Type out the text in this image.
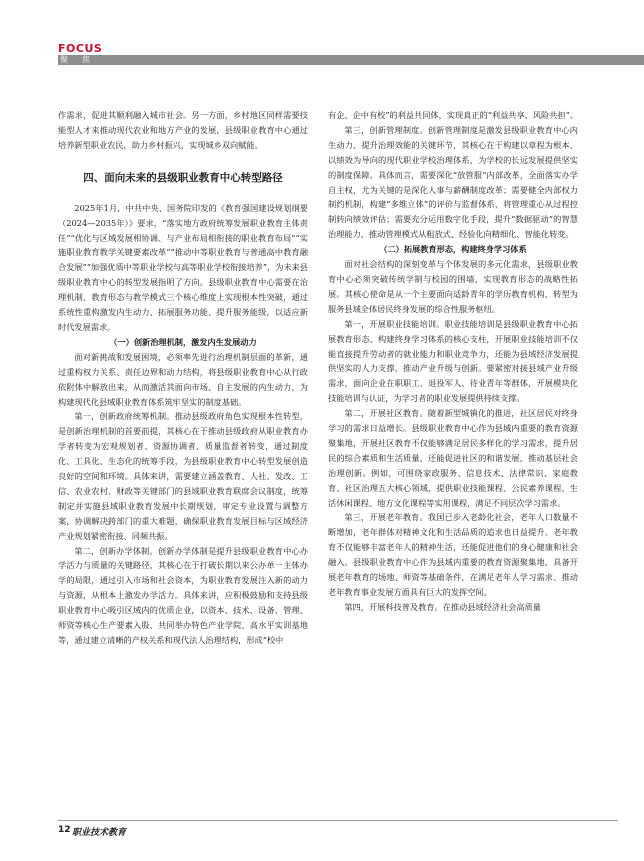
FOCUS
聚焦

作需求，促进其顺利融入城市社会。另一方面，乡村地区同样需要技能型人才来推动现代农业和地方产业的发展，县级职业教育中心通过培养新型职业农民，助力乡村振兴，实现城乡双向赋能。

四、面向未来的县级职业教育中心转型路径

2025年1月，中共中央、国务院印发的《教育强国建设规划纲要（2024—2035年）》要求，“落实地方政府统筹发展职业教育主体责任”“优化与区域发展相协调、与产业布局相衔接的职业教育布局”“实施职业教育教学关键要素改革”“推动中等职业教育与普通高中教育融合发展”“加强优质中等职业学校与高等职业学校衔接培养”，为未来县级职业教育中心的转型发展指明了方向。县级职业教育中心需要在治理机制、教育形态与教学模式三个核心维度上实现根本性突破，通过系统性重构激发内生动力、拓展服务功能、提升服务能级，以适应新时代发展需求。

（一）创新治理机制，激发内生发展动力

面对新挑战和发展困境，必须率先进行治理机制层面的革新，通过重构权力关系、责任边界和动力结构，将县级职业教育中心从行政依附体中解放出来，从而激活其面向市场、自主发展的内生动力，为构建现代化县域职业教育体系筑牢坚实的制度基础。

第一，创新政府统筹机制。推动县级政府角色实现根本性转型，是创新治理机制的首要前提，其核心在于推动县级政府从职业教育办学者转变为宏观规划者、资源协调者、质量监督者转变，通过制度化、工具化、生态化的统筹手段，为县级职业教育中心转型发展创造良好的空间和环境。具体来讲，需要建立涵盖教育、人社、发改、工信、农业农村、财政等关键部门的县域职业教育联席会议制度，统筹制定并实施县域职业教育发展中长期规划，审定专业设置与调整方案，协调解决跨部门的重大难题，确保职业教育发展目标与区域经济产业规划紧密衔接、同频共振。

第二，创新办学体制。创新办学体制是提升县级职业教育中心办学活力与质量的关键路径，其核心在于打破长期以来公办单一主体办学的局限，通过引入市场和社会资本，为职业教育发展注入新的动力与资源，从根本上激发办学活力。具体来讲，应积极鼓励和支持县级职业教育中心吸引区域内的优质企业，以资本、技术、设备、管理、师资等核心生产要素入股，共同举办特色产业学院、高水平实训基地等，通过建立清晰的产权关系和现代法人治理结构，形成“校中

有企、企中有校”的利益共同体，实现真正的“利益共享、风险共担”。

第三，创新管理制度。创新管理制度是激发县级职业教育中心内生动力、提升治理效能的关键环节，其核心在于构建以章程为根本、以绩效为导向的现代职业学校治理体系，为学校的长远发展提供坚实的制度保障。具体而言，需要深化“放管服”内部改革，全面落实办学自主权，尤为关键的是深化人事与薪酬制度改革；需要健全内部权力制约机制，构建“多维立体”的评价与监督体系，将管理重心从过程控制转向绩效评估；需要充分运用数字化手段，提升“数据驱动”的智慧治理能力，推动管理模式从粗放式、经验化向精细化、智能化转变。

（二）拓展教育形态，构建终身学习体系

面对社会结构的深刻变革与个体发展的多元化需求，县级职业教育中心必须突破传统学制与校园的围墙，实现教育形态的战略性拓展。其核心使命是从一个主要面向适龄青年的学历教育机构，转型为服务县域全体居民终身发展的综合性服务枢纽。

第一，开展职业技能培训。职业技能培训是县级职业教育中心拓展教育形态、构建终身学习体系的核心支柱，开展职业技能培训不仅能直接提升劳动者的就业能力和职业竞争力，还能为县域经济发展提供坚实的人力支撑，推动产业升级与创新。要紧密对接县域产业升级需求，面向企业在职职工、退役军人、待业青年等群体，开展模块化技能培训与认证，为学习者的职业发展提供持续支撑。

第二，开展社区教育。随着新型城镇化的推进，社区居民对终身学习的需求日益增长。县级职业教育中心作为县域内重要的教育资源聚集地，开展社区教育不仅能够满足居民多样化的学习需求，提升居民的综合素质和生活质量，还能促进社区的和谐发展，推动基层社会治理创新。例如，可围绕家政服务、信息技术、法律常识、家庭教育、社区治理五大核心领域，提供职业技能课程、公民素养课程、生活休闲课程、地方文化课程等实用课程，满足不同层次学习需求。

第三，开展老年教育。我国已步入老龄化社会，老年人口数量不断增加，老年群体对精神文化和生活品质的追求也日益提升。老年教育不仅能够丰富老年人的精神生活，还能促进他们的身心健康和社会融入。县级职业教育中心作为县域内重要的教育资源聚集地，具备开展老年教育的场地、师资等基础条件，在满足老年人学习需求、推动老年教育事业发展方面具有巨大的发挥空间。

第四，开展科技普及教育。在推动县域经济社会高质量

12 职业技术教育
